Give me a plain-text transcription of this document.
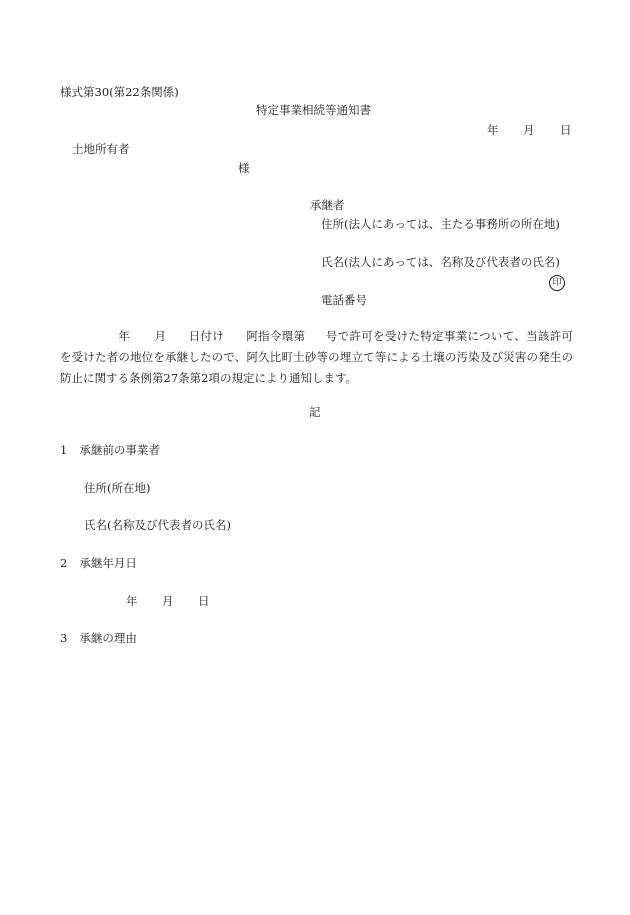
様式第30(第22条関係)
特定事業相続等通知書
年 月 日
土地所有者
様
承継者
住所(法人にあっては、主たる事務所の所在地)
氏名(法人にあっては、名称及び代表者の氏名)
印
電話番号
年 月 日付け 阿指令環第 号で許可を受けた特定事業について、当該許可を受けた者の地位を承継したので、阿久比町土砂等の埋立て等による土壌の汚染及び災害の発生の防止に関する条例第27条第2項の規定により通知します。
記
1 承継前の事業者
住所(所在地)
氏名(名称及び代表者の氏名)
2 承継年月日
年 月 日
3 承継の理由
